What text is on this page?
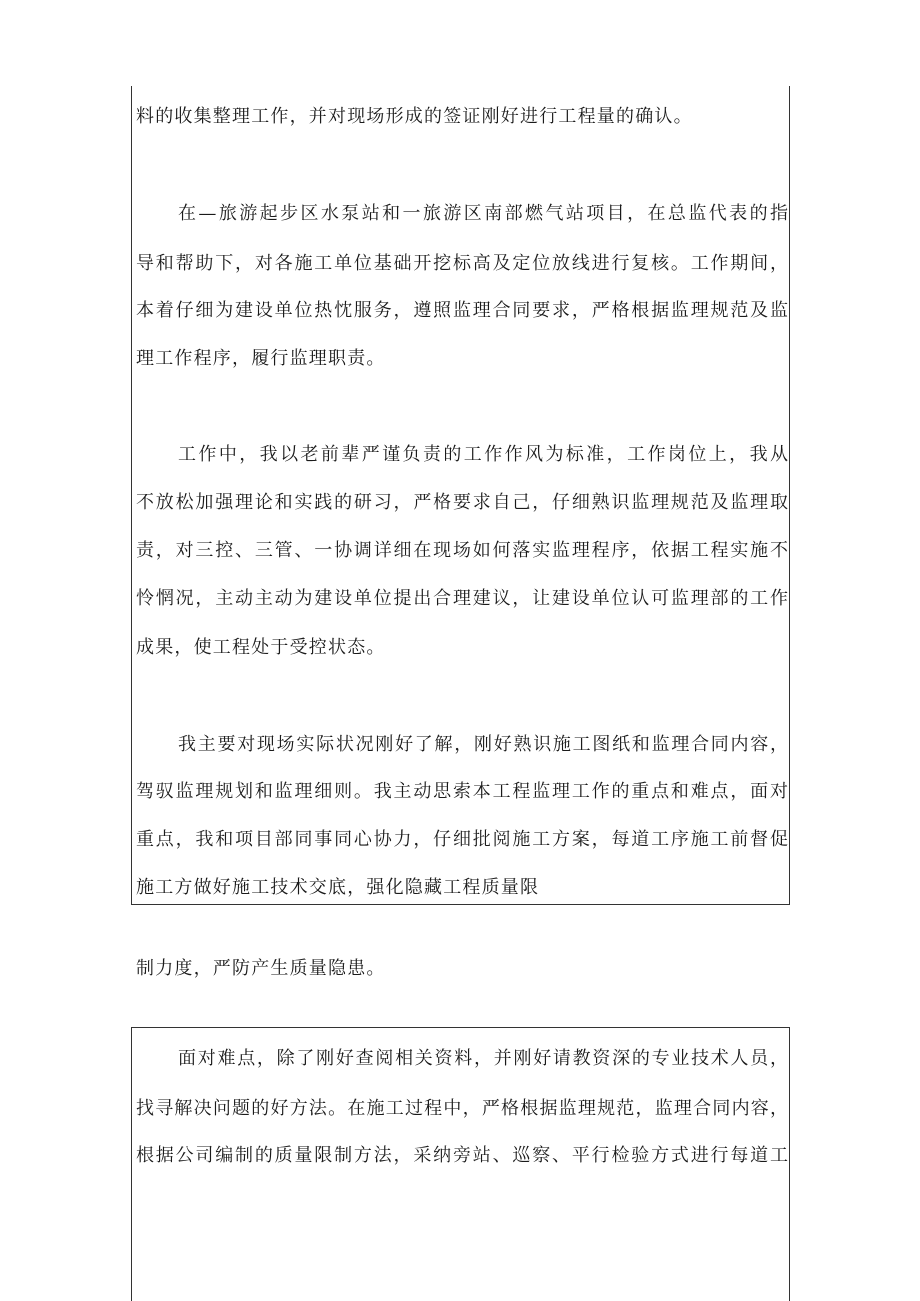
料的收集整理工作，并对现场形成的签证刚好进行工程量的确认。
在—旅游起步区水泵站和一旅游区南部燃气站项目，在总监代表的指
导和帮助下，对各施工单位基础开挖标高及定位放线进行复核。工作期间，
本着仔细为建设单位热忱服务，遵照监理合同要求，严格根据监理规范及监
理工作程序，履行监理职责。
工作中，我以老前辈严谨负责的工作作风为标准，工作岗位上，我从
不放松加强理论和实践的研习，严格要求自己，仔细熟识监理规范及监理取
责，对三控、三管、一协调详细在现场如何落实监理程序，依据工程实施不
怜惘况，主动主动为建设单位提出合理建议，让建设单位认可监理部的工作
成果，使工程处于受控状态。
我主要对现场实际状况刚好了解，刚好熟识施工图纸和监理合同内容，
驾驭监理规划和监理细则。我主动思索本工程监理工作的重点和难点，面对
重点，我和项目部同事同心协力，仔细批阅施工方案，每道工序施工前督促
施工方做好施工技术交底，强化隐藏工程质量限
制力度，严防产生质量隐患。
面对难点，除了刚好查阅相关资料，并刚好请教资深的专业技术人员，
找寻解决问题的好方法。在施工过程中，严格根据监理规范，监理合同内容，
根据公司编制的质量限制方法，采纳旁站、巡察、平行检验方式进行每道工
